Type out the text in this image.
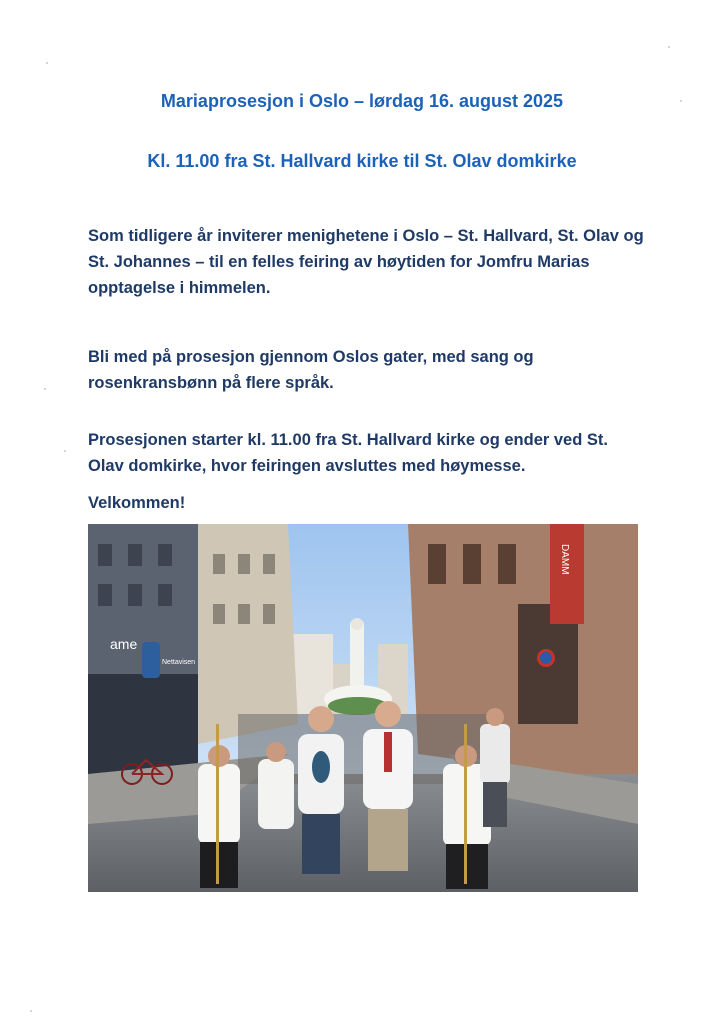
Mariaprosesjon i Oslo – lørdag 16. august 2025
Kl. 11.00 fra St. Hallvard kirke til St. Olav domkirke

Som tidligere år inviterer menighetene i Oslo – St. Hallvard, St. Olav og St. Johannes – til en felles feiring av høytiden for Jomfru Marias opptagelse i himmelen.

Bli med på prosesjon gjennom Oslos gater, med sang og rosenkransbønn på flere språk.

Prosesjonen starter kl. 11.00 fra St. Hallvard kirke og ender ved St. Olav domkirke, hvor feiringen avsluttes med høymesse.

Velkommen!

ame
Nettavisen
DAMM
